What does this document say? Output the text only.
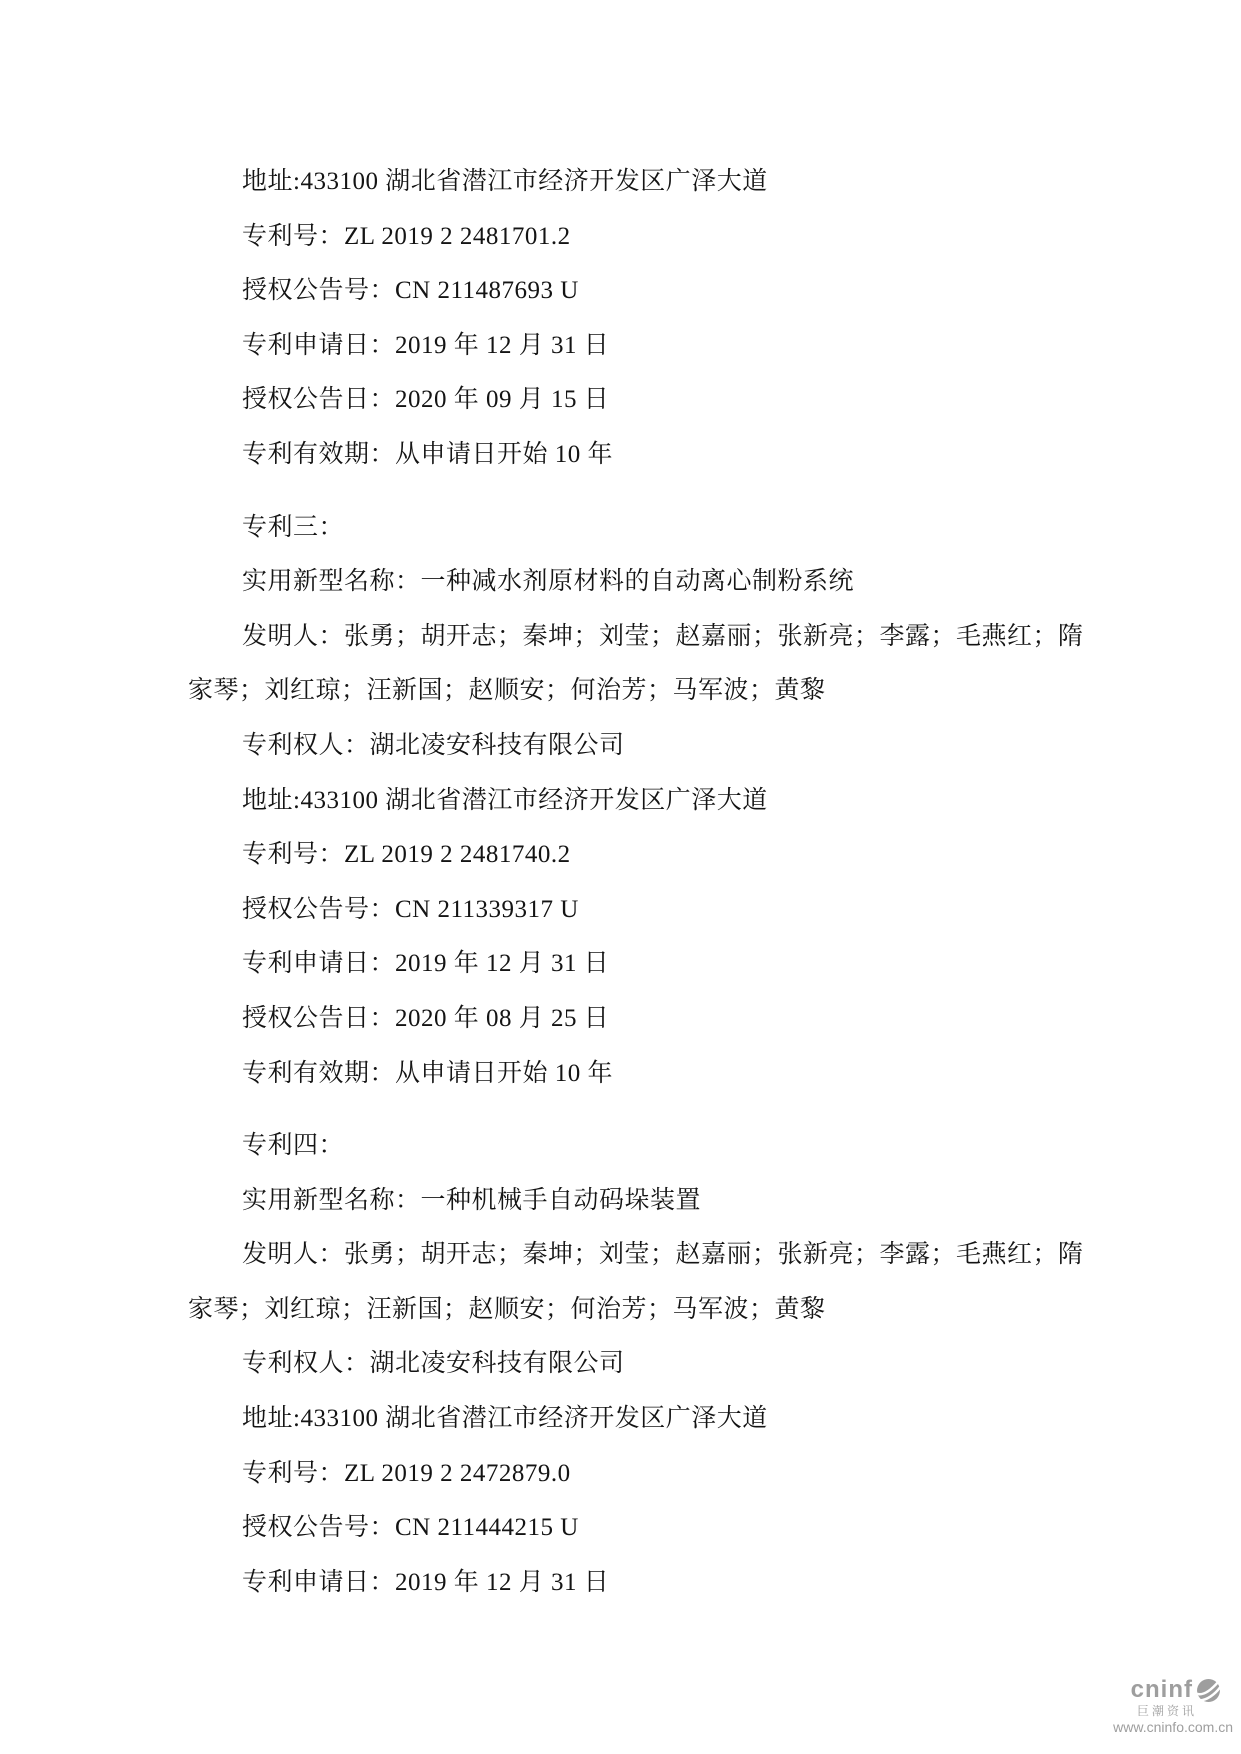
地址:433100 湖北省潜江市经济开发区广泽大道
专利号：ZL 2019 2 2481701.2
授权公告号：CN 211487693 U
专利申请日：2019 年 12 月 31 日
授权公告日：2020 年 09 月 15 日
专利有效期：从申请日开始 10 年
专利三：
实用新型名称：一种减水剂原材料的自动离心制粉系统
发明人：张勇；胡开志；秦坤；刘莹；赵嘉丽；张新亮；李露；毛燕红；隋
家琴；刘红琼；汪新国；赵顺安；何治芳；马军波；黄黎
专利权人：湖北凌安科技有限公司
地址:433100 湖北省潜江市经济开发区广泽大道
专利号：ZL 2019 2 2481740.2
授权公告号：CN 211339317 U
专利申请日：2019 年 12 月 31 日
授权公告日：2020 年 08 月 25 日
专利有效期：从申请日开始 10 年
专利四：
实用新型名称：一种机械手自动码垛装置
发明人：张勇；胡开志；秦坤；刘莹；赵嘉丽；张新亮；李露；毛燕红；隋
家琴；刘红琼；汪新国；赵顺安；何治芳；马军波；黄黎
专利权人：湖北凌安科技有限公司
地址:433100 湖北省潜江市经济开发区广泽大道
专利号：ZL 2019 2 2472879.0
授权公告号：CN 211444215 U
专利申请日：2019 年 12 月 31 日
cninf
巨潮资讯
www.cninfo.com.cn
